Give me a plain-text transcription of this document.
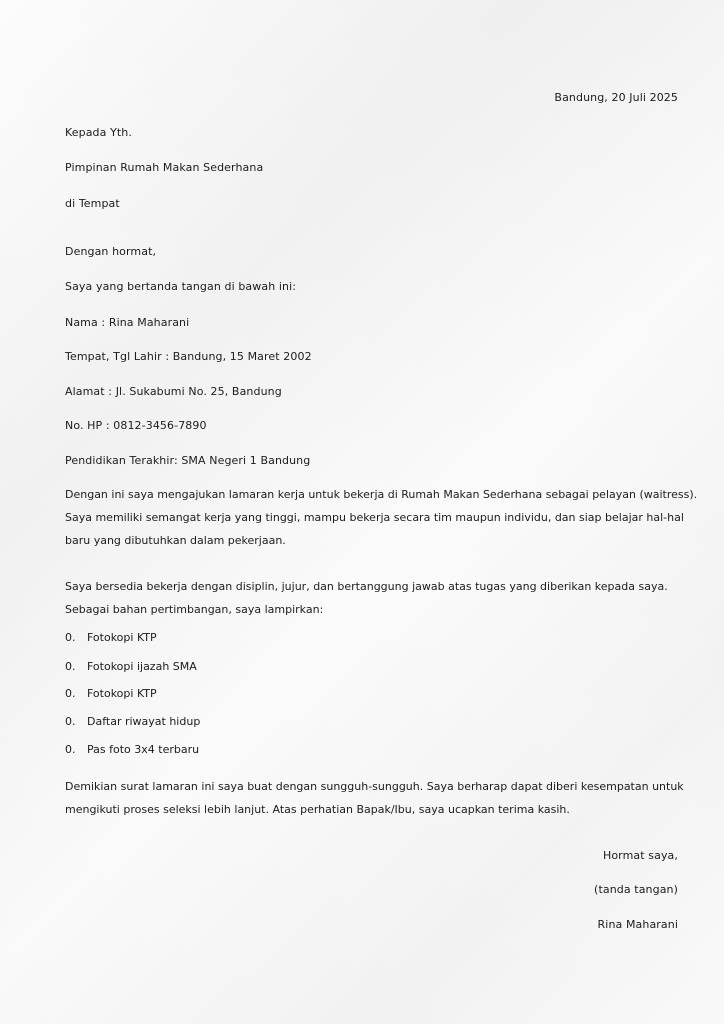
Bandung, 20 Juli 2025
Kepada Yth.
Pimpinan Rumah Makan Sederhana
di Tempat
Dengan hormat,
Saya yang bertanda tangan di bawah ini:
Nama : Rina Maharani
Tempat, Tgl Lahir : Bandung, 15 Maret 2002
Alamat : Jl. Sukabumi No. 25, Bandung
No. HP : 0812-3456-7890
Pendidikan Terakhir: SMA Negeri 1 Bandung
Dengan ini saya mengajukan lamaran kerja untuk bekerja di Rumah Makan Sederhana sebagai pelayan (waitress).
Saya memiliki semangat kerja yang tinggi, mampu bekerja secara tim maupun individu, dan siap belajar hal-hal
baru yang dibutuhkan dalam pekerjaan.
Saya bersedia bekerja dengan disiplin, jujur, dan bertanggung jawab atas tugas yang diberikan kepada saya.
Sebagai bahan pertimbangan, saya lampirkan:
0. Fotokopi KTP
0. Fotokopi ijazah SMA
0. Fotokopi KTP
0. Daftar riwayat hidup
0. Pas foto 3x4 terbaru
Demikian surat lamaran ini saya buat dengan sungguh-sungguh. Saya berharap dapat diberi kesempatan untuk
mengikuti proses seleksi lebih lanjut. Atas perhatian Bapak/Ibu, saya ucapkan terima kasih.
Hormat saya,
(tanda tangan)
Rina Maharani
